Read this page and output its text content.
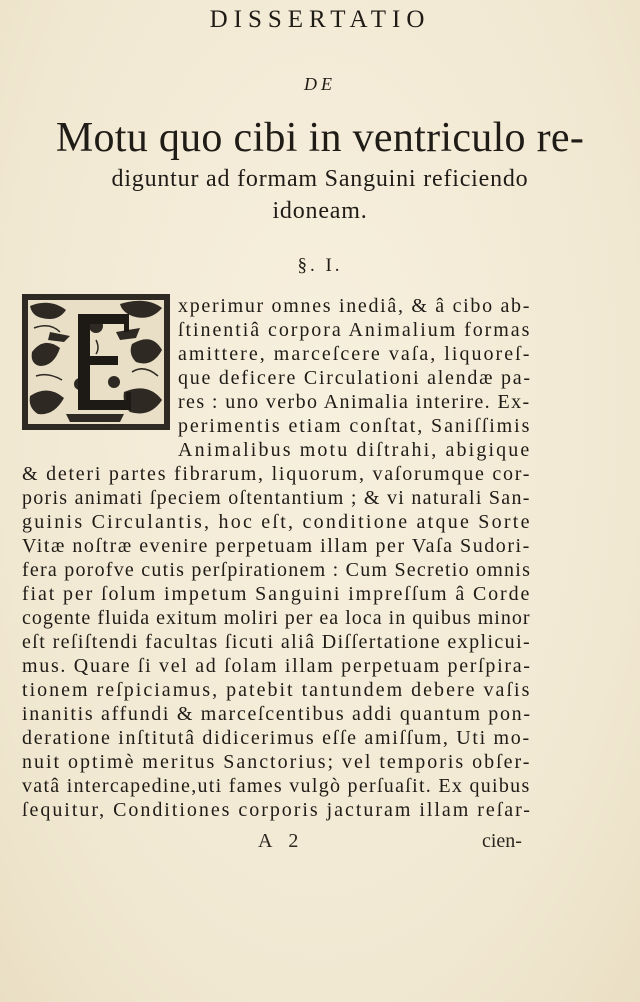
DISSERTATIO
DE
Motu quo cibi in ventriculo re-
diguntur ad formam Sanguini reficiendo
idoneam.
§. I.
E
xperimur omnes inediâ, & â cibo ab-
ſtinentiâ corpora Animalium formas
amittere, marceſcere vaſa, liquoreſ-
que deficere Circulationi alendæ pa-
res : uno verbo Animalia interire. Ex-
perimentis etiam conſtat, Saniſſimis
Animalibus motu diſtrahi, abigique
& deteri partes fibrarum, liquorum, vaſorumque cor-
poris animati ſpeciem oſtentantium ; & vi naturali San-
guinis Circulantis, hoc eſt, conditione atque Sorte
Vitæ noſtræ evenire perpetuam illam per Vaſa Sudori-
fera porofve cutis perſpirationem : Cum Secretio omnis
fiat per ſolum impetum Sanguini impreſſum â Corde
cogente fluida exitum moliri per ea loca in quibus minor
eſt reſiſtendi facultas ſicuti aliâ Diſſertatione explicui-
mus. Quare ſi vel ad ſolam illam perpetuam perſpira-
tionem reſpiciamus, patebit tantundem debere vaſis
inanitis affundi & marceſcentibus addi quantum pon-
deratione inſtitutâ didicerimus eſſe amiſſum, Uti mo-
nuit optimè meritus Sanctorius; vel temporis obſer-
vatâ intercapedine,uti fames vulgò perſuaſit. Ex quibus
ſequitur, Conditiones corporis jacturam illam reſar-
A 2	cien-
